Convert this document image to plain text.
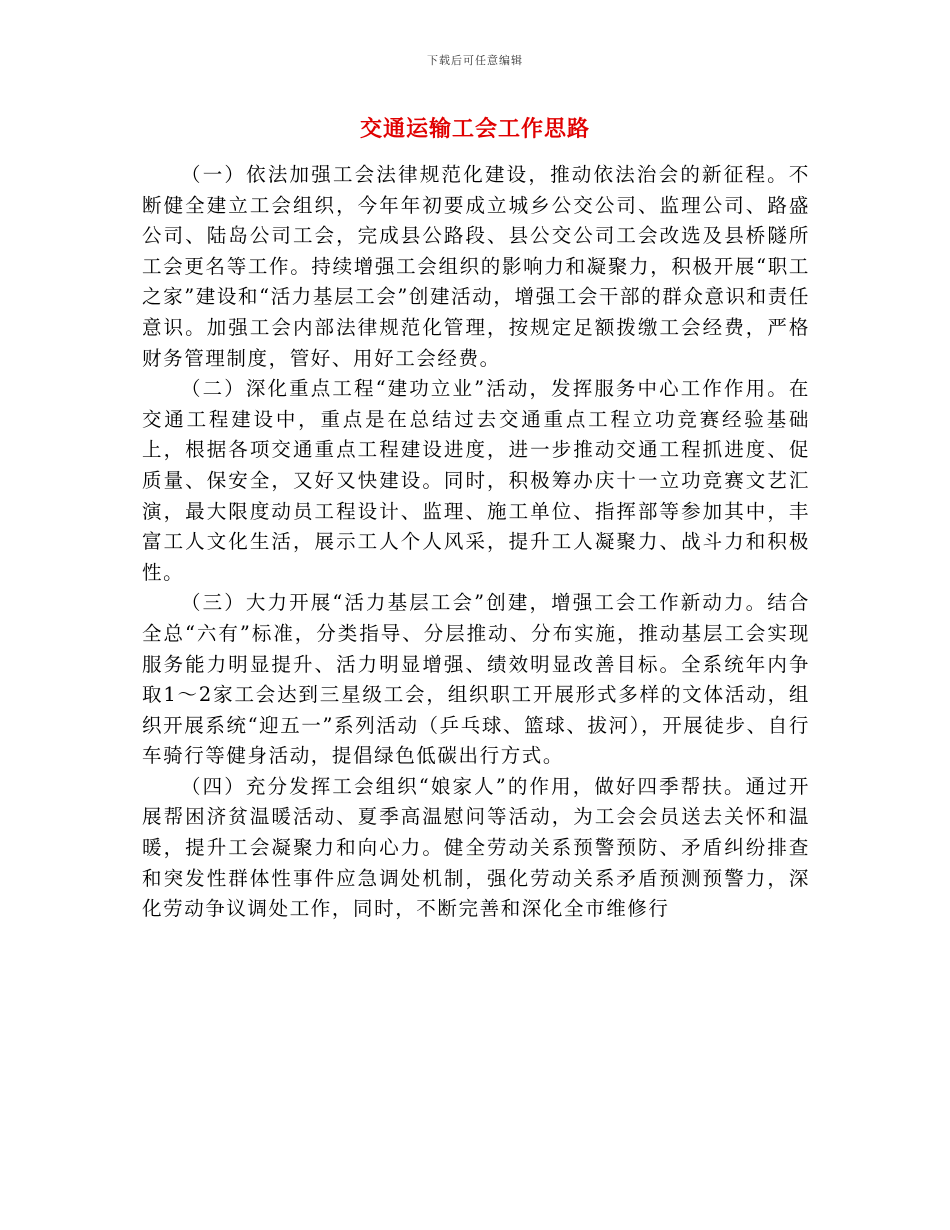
下载后可任意编辑
交通运输工会工作思路

（一）依法加强工会法律规范化建设，推动依法治会的新征程。不断健全建立工会组织，今年年初要成立城乡公交公司、监理公司、路盛公司、陆岛公司工会，完成县公路段、县公交公司工会改选及县桥隧所工会更名等工作。持续增强工会组织的影响力和凝聚力，积极开展“职工之家”建设和“活力基层工会”创建活动，增强工会干部的群众意识和责任意识。加强工会内部法律规范化管理，按规定足额拨缴工会经费，严格财务管理制度，管好、用好工会经费。

（二）深化重点工程“建功立业”活动，发挥服务中心工作作用。在交通工程建设中，重点是在总结过去交通重点工程立功竞赛经验基础上，根据各项交通重点工程建设进度，进一步推动交通工程抓进度、促质量、保安全，又好又快建设。同时，积极筹办庆十一立功竞赛文艺汇演，最大限度动员工程设计、监理、施工单位、指挥部等参加其中，丰富工人文化生活，展示工人个人风采，提升工人凝聚力、战斗力和积极性。

（三）大力开展“活力基层工会”创建，增强工会工作新动力。结合全总“六有”标准，分类指导、分层推动、分布实施，推动基层工会实现服务能力明显提升、活力明显增强、绩效明显改善目标。全系统年内争取1～2家工会达到三星级工会，组织职工开展形式多样的文体活动，组织开展系统“迎五一”系列活动（乒乓球、篮球、拔河），开展徒步、自行车骑行等健身活动，提倡绿色低碳出行方式。

（四）充分发挥工会组织“娘家人”的作用，做好四季帮扶。通过开展帮困济贫温暖活动、夏季高温慰问等活动，为工会会员送去关怀和温暖，提升工会凝聚力和向心力。健全劳动关系预警预防、矛盾纠纷排查和突发性群体性事件应急调处机制，强化劳动关系矛盾预测预警力，深化劳动争议调处工作，同时，不断完善和深化全市维修行
